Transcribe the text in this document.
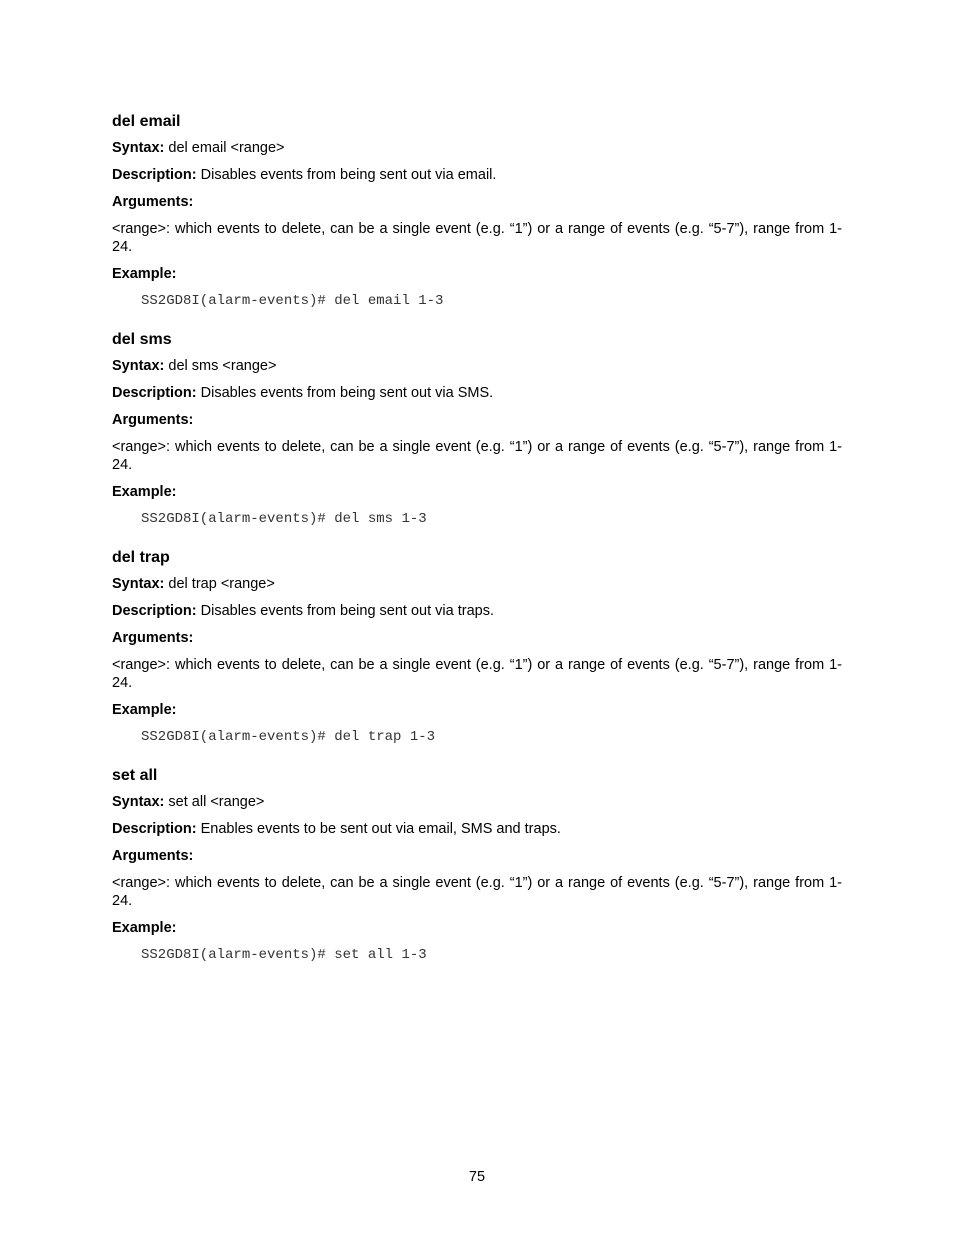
del email
Syntax: del email <range>
Description: Disables events from being sent out via email.
Arguments:
<range>: which events to delete, can be a single event (e.g. “1”) or a range of events (e.g. “5-7”), range from 1-24.
Example:
SS2GD8I(alarm-events)# del email 1-3
del sms
Syntax: del sms <range>
Description: Disables events from being sent out via SMS.
Arguments:
<range>: which events to delete, can be a single event (e.g. “1”) or a range of events (e.g. “5-7”), range from 1-24.
Example:
SS2GD8I(alarm-events)# del sms 1-3
del trap
Syntax: del trap <range>
Description: Disables events from being sent out via traps.
Arguments:
<range>: which events to delete, can be a single event (e.g. “1”) or a range of events (e.g. “5-7”), range from 1-24.
Example:
SS2GD8I(alarm-events)# del trap 1-3
set all
Syntax: set all <range>
Description: Enables events to be sent out via email, SMS and traps.
Arguments:
<range>: which events to delete, can be a single event (e.g. “1”) or a range of events (e.g. “5-7”), range from 1-24.
Example:
SS2GD8I(alarm-events)# set all 1-3
75
